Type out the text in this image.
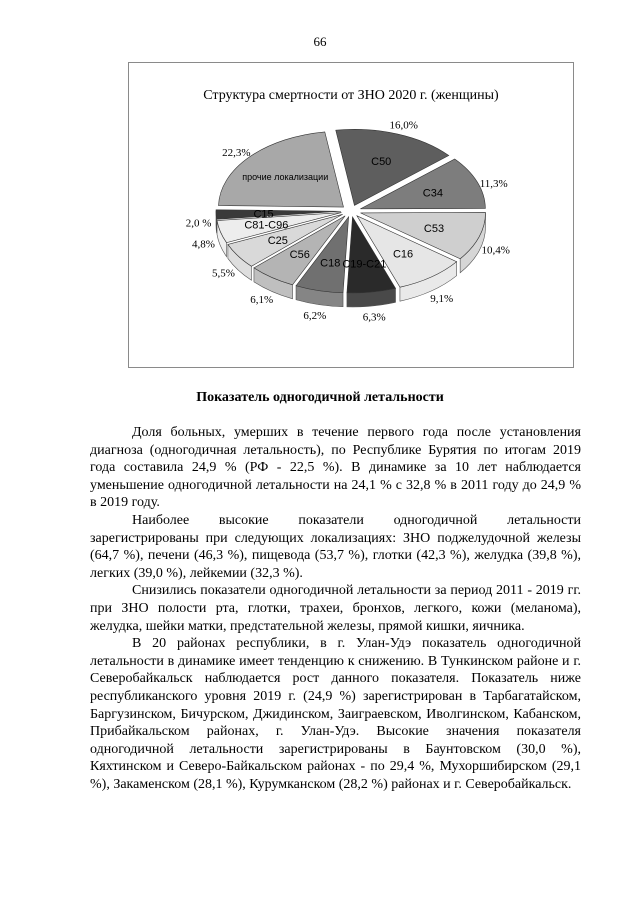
66
Структура смертности от ЗНО 2020 г. (женщины)
C50
16,0%
C34
11,3%
C53
10,4%
C16
9,1%
C19-C21
6,3%
C18
6,2%
C56
6,1%
C25
5,5%
C81-C96
4,8%
C15
2,0 %
прочие локализации
22,3%
Показатель одногодичной летальности

Доля больных, умерших в течение первого года после установления диагноза (одногодичная летальность), по Республике Бурятия по итогам 2019 года составила 24,9 % (РФ - 22,5 %). В динамике за 10 лет наблюдается уменьшение одногодичной летальности на 24,1 % с 32,8 % в 2011 году до 24,9 % в 2019 году.

Наиболее высокие показатели одногодичной летальности зарегистрированы при следующих локализациях: ЗНО поджелудочной железы (64,7 %), печени (46,3 %), пищевода (53,7 %), глотки (42,3 %), желудка (39,8 %), легких (39,0 %), лейкемии (32,3 %).

Снизились показатели одногодичной летальности за период 2011 - 2019 гг. при ЗНО полости рта, глотки, трахеи, бронхов, легкого, кожи (меланома), желудка, шейки матки, предстательной железы, прямой кишки, яичника.

В 20 районах республики, в г. Улан-Удэ показатель одногодичной летальности в динамике имеет тенденцию к снижению. В Тункинском районе и г. Северобайкальск наблюдается рост данного показателя. Показатель ниже республиканского уровня 2019 г. (24,9 %) зарегистрирован в Тарбагатайском, Баргузинском, Бичурском, Джидинском, Заиграевском, Иволгинском, Кабанском, Прибайкальском районах, г. Улан-Удэ. Высокие значения показателя одногодичной летальности зарегистрированы в Баунтовском (30,0 %), Кяхтинском и Северо-Байкальском районах - по 29,4 %, Мухоршибирском (29,1 %), Закаменском (28,1 %), Курумканском (28,2 %) районах и г. Северобайкальск.
